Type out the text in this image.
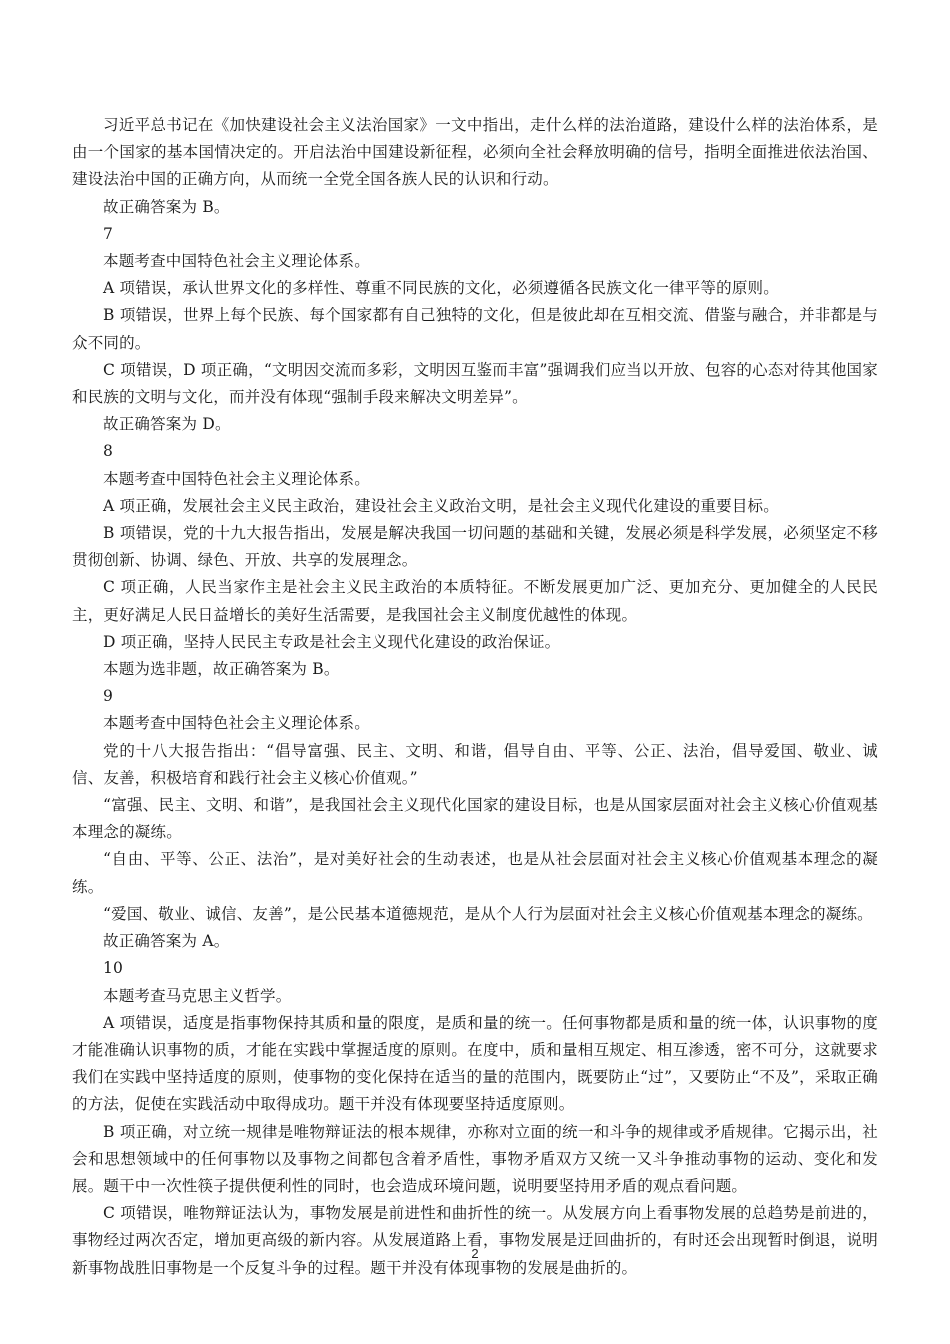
习近平总书记在《加快建设社会主义法治国家》一文中指出，走什么样的法治道路，建设什么样的法治体系，是由一个国家的基本国情决定的。开启法治中国建设新征程，必须向全社会释放明确的信号，指明全面推进依法治国、建设法治中国的正确方向，从而统一全党全国各族人民的认识和行动。

故正确答案为 B。

7

本题考查中国特色社会主义理论体系。

A 项错误，承认世界文化的多样性、尊重不同民族的文化，必须遵循各民族文化一律平等的原则。

B 项错误，世界上每个民族、每个国家都有自己独特的文化，但是彼此却在互相交流、借鉴与融合，并非都是与众不同的。

C 项错误，D 项正确，“文明因交流而多彩，文明因互鉴而丰富”强调我们应当以开放、包容的心态对待其他国家和民族的文明与文化，而并没有体现“强制手段来解决文明差异”。

故正确答案为 D。

8

本题考查中国特色社会主义理论体系。

A 项正确，发展社会主义民主政治，建设社会主义政治文明，是社会主义现代化建设的重要目标。

B 项错误，党的十九大报告指出，发展是解决我国一切问题的基础和关键，发展必须是科学发展，必须坚定不移贯彻创新、协调、绿色、开放、共享的发展理念。

C 项正确，人民当家作主是社会主义民主政治的本质特征。不断发展更加广泛、更加充分、更加健全的人民民主，更好满足人民日益增长的美好生活需要，是我国社会主义制度优越性的体现。

D 项正确，坚持人民民主专政是社会主义现代化建设的政治保证。

本题为选非题，故正确答案为 B。

9

本题考查中国特色社会主义理论体系。

党的十八大报告指出：“倡导富强、民主、文明、和谐，倡导自由、平等、公正、法治，倡导爱国、敬业、诚信、友善，积极培育和践行社会主义核心价值观。”

“富强、民主、文明、和谐”，是我国社会主义现代化国家的建设目标，也是从国家层面对社会主义核心价值观基本理念的凝练。

“自由、平等、公正、法治”，是对美好社会的生动表述，也是从社会层面对社会主义核心价值观基本理念的凝练。

“爱国、敬业、诚信、友善”，是公民基本道德规范，是从个人行为层面对社会主义核心价值观基本理念的凝练。

故正确答案为 A。

10

本题考查马克思主义哲学。

A 项错误，适度是指事物保持其质和量的限度，是质和量的统一。任何事物都是质和量的统一体，认识事物的度才能准确认识事物的质，才能在实践中掌握适度的原则。在度中，质和量相互规定、相互渗透，密不可分，这就要求我们在实践中坚持适度的原则，使事物的变化保持在适当的量的范围内，既要防止“过”，又要防止“不及”，采取正确的方法，促使在实践活动中取得成功。题干并没有体现要坚持适度原则。

B 项正确，对立统一规律是唯物辩证法的根本规律，亦称对立面的统一和斗争的规律或矛盾规律。它揭示出，社会和思想领域中的任何事物以及事物之间都包含着矛盾性，事物矛盾双方又统一又斗争推动事物的运动、变化和发展。题干中一次性筷子提供便利性的同时，也会造成环境问题，说明要坚持用矛盾的观点看问题。

C 项错误，唯物辩证法认为，事物发展是前进性和曲折性的统一。从发展方向上看事物发展的总趋势是前进的，事物经过两次否定，增加更高级的新内容。从发展道路上看，事物发展是迂回曲折的，有时还会出现暂时倒退，说明新事物战胜旧事物是一个反复斗争的过程。题干并没有体现事物的发展是曲折的。

2
